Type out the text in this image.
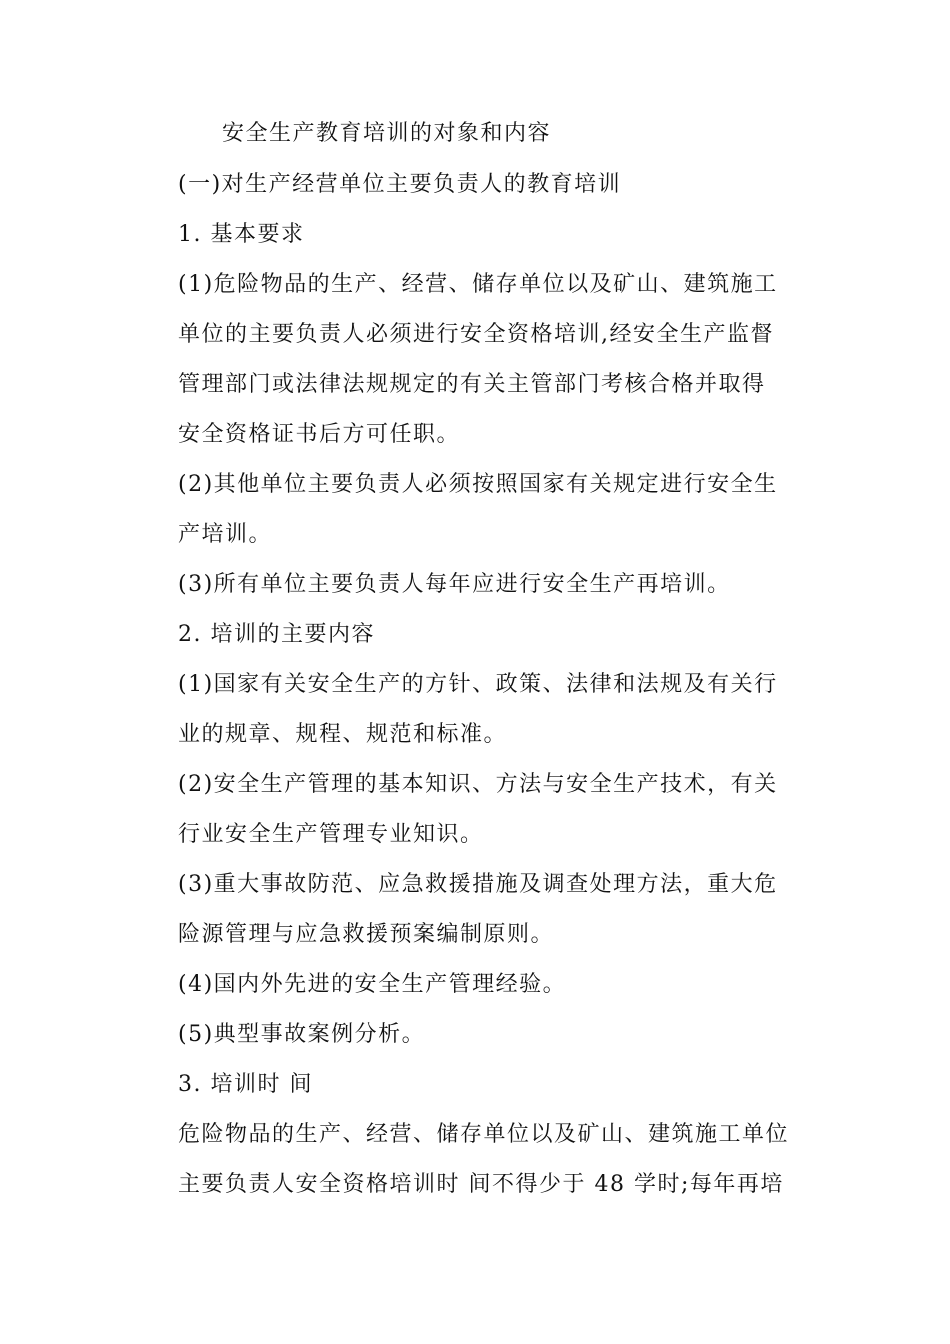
安全生产教育培训的对象和内容
(一)对生产经营单位主要负责人的教育培训
1. 基本要求
(1)危险物品的生产、经营、储存单位以及矿山、建筑施工
单位的主要负责人必须进行安全资格培训,经安全生产监督
管理部门或法律法规规定的有关主管部门考核合格并取得
安全资格证书后方可任职。
(2)其他单位主要负责人必须按照国家有关规定进行安全生
产培训。
(3)所有单位主要负责人每年应进行安全生产再培训。
2. 培训的主要内容
(1)国家有关安全生产的方针、政策、法律和法规及有关行
业的规章、规程、规范和标准。
(2)安全生产管理的基本知识、方法与安全生产技术，有关
行业安全生产管理专业知识。
(3)重大事故防范、应急救援措施及调查处理方法，重大危
险源管理与应急救援预案编制原则。
(4)国内外先进的安全生产管理经验。
(5)典型事故案例分析。
3. 培训时 间
危险物品的生产、经营、储存单位以及矿山、建筑施工单位
主要负责人安全资格培训时 间不得少于 48 学时;每年再培
